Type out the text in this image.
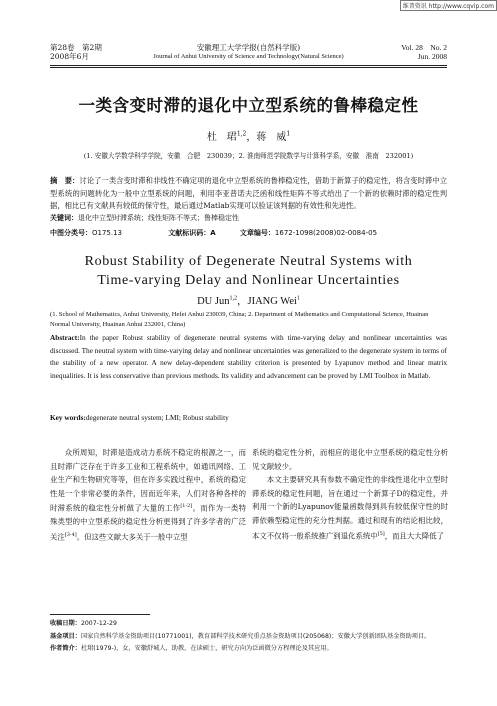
维普资讯 http://www.cqvip.com
第28卷　第2期
2008年6月
安徽理工大学学报(自然科学版)
Journal of Anhui University of Science and Technology(Natural Science)
Vol. 28　No. 2
Jun. 2008
一类含变时滞的退化中立型系统的鲁棒稳定性
杜　珺$^{1,2}$，蒋　威$^1$
(1. 安徽大学数学科学学院，安徽　合肥　230039；2. 淮南师范学院数学与计算科学系，安徽　淮南　232001)
摘　要：讨论了一类含变时滞和非线性不确定项的退化中立型系统的鲁棒稳定性，借助于新算子的稳定性，将含变时滞中立型系统的问题转化为一般中立型系统的问题，利用李亚普诺夫泛函和线性矩阵不等式给出了一个新的依赖时滞的稳定性判据，相比已有文献具有较低的保守性，最后通过Matlab实现可以验证该判据的有效性和先进性。
关键词：退化中立型时滞系统；线性矩阵不等式；鲁棒稳定性
中图分类号：O175.13	文献标识码：A	文章编号：1672-1098(2008)02-0084-05
Robust Stability of Degenerate Neutral Systems with
Time-varying Delay and Nonlinear Uncertainties
DU Jun$^{1,2}$，JIANG Wei$^1$
(1. School of Mathematics, Anhui University, Hefei Anhui 230039, China; 2. Department of Mathematics and Computational Science, Huainan Normal University, Huainan Anhui 232001, China)
Abstract:In the paper Robust stability of degenerate neutral systems with time-varying delay and nonlinear uncertainties was discussed. The neutral system with time-varying delay and nonlinear uncertainties was generalized to the degenerate system in terms of the stability of a new operator. A new delay-dependent stability criterion is presented by Lyapunov method and linear matrix inequalities. It is less conservative than previous methods. Its validity and advancement can be proved by LMI Toolbox in Matlab.
Key words:degenerate neutral system; LMI; Robust stability

众所周知，时滞是造成动力系统不稳定的根源之一，而且时滞广泛存在于许多工业和工程系统中，如通讯网络、工业生产和生物研究等等，但在许多实践过程中，系统的稳定性是一个非常必要的条件，因而近年来，人们对各种各样的时滞系统的稳定性分析做了大量的工作[1-2]。而作为一类特殊类型的中立型系统的稳定性分析更得到了许多学者的广泛关注[3-4]。但这些文献大多关于一般中立型

系统的稳定性分析，而相应的退化中立型系统的稳定性分析见文献较少。

本文主要研究具有参数不确定性的非线性退化中立型时滞系统的稳定性问题，旨在通过一个新算子D的稳定性，并利用一个新的Lyapunov能量函数得到具有较低保守性的时滞依赖型稳定性的充分性判据。通过和现有的结论相比较，本文不仅将一般系统推广到退化系统中[5]，而且大大降低了

收稿日期：2007-12-29
基金项目：国家自然科学基金资助项目(10771001)，教育部科学技术研究重点基金资助项目(205068)；安徽大学创新团队基金资助项目。
作者简介：杜珺(1979-)，女，安徽舒城人，助教，在读硕士，研究方向为泛函微分方程理论及其应用。
